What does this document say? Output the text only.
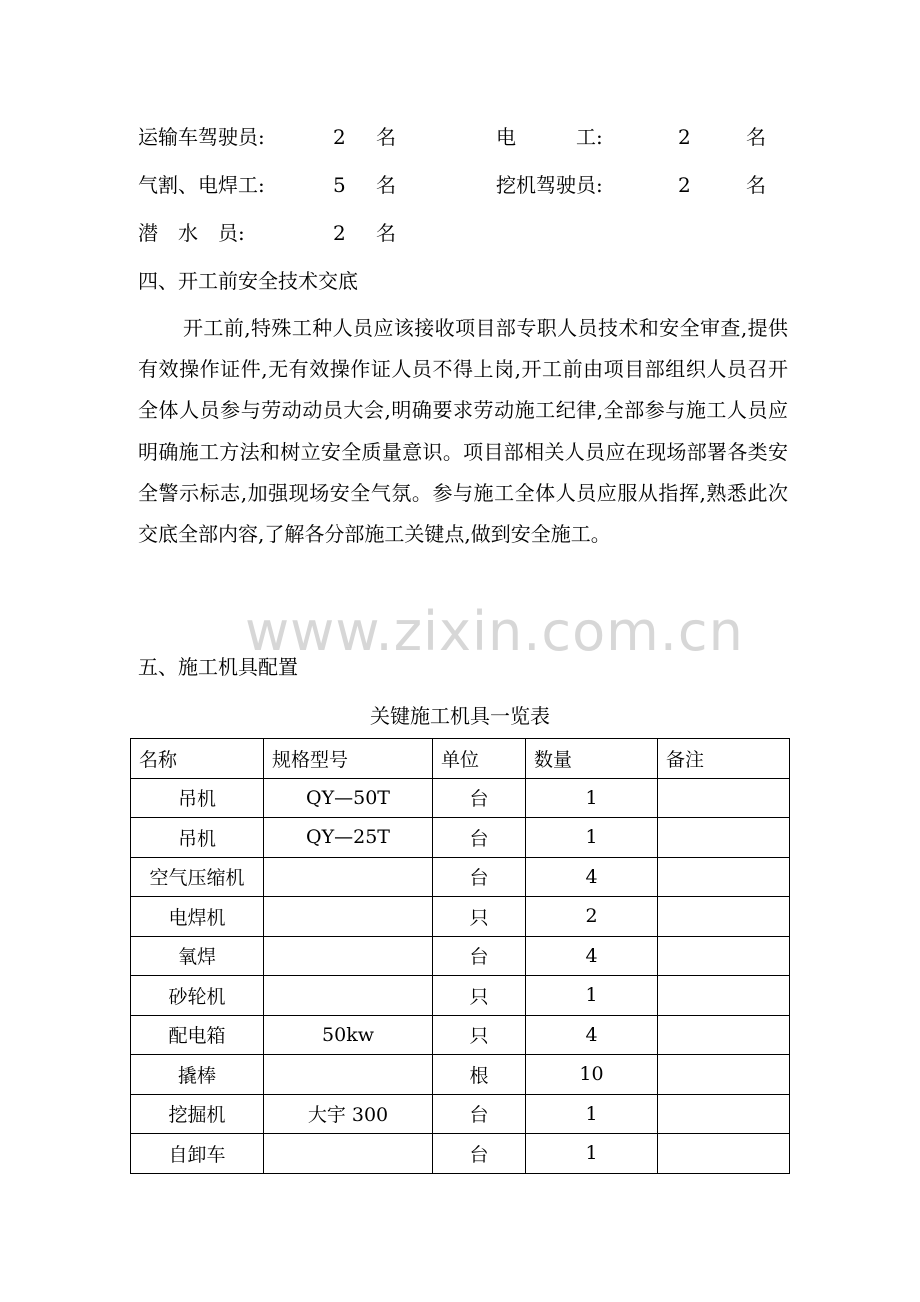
运输车驾驶员:	2 名	电　　　工:	2	名
气割、电焊工:	5 名	挖机驾驶员:	2	名
潜　水　员:	2 名
四、开工前安全技术交底

开工前,特殊工种人员应该接收项目部专职人员技术和安全审查,提供有效操作证件,无有效操作证人员不得上岗,开工前由项目部组织人员召开全体人员参与劳动动员大会,明确要求劳动施工纪律,全部参与施工人员应明确施工方法和树立安全质量意识。项目部相关人员应在现场部署各类安全警示标志,加强现场安全气氛。参与施工全体人员应服从指挥,熟悉此次交底全部内容,了解各分部施工关键点,做到安全施工。

五、施工机具配置
关键施工机具一览表
名称	规格型号	单位	数量	备注
吊机	QY—50T	台	1	
吊机	QY—25T	台	1	
空气压缩机		台	4	
电焊机		只	2	
氧焊		台	4	
砂轮机		只	1	
配电箱	50kw	只	4	
撬棒		根	10	
挖掘机	大宇 300	台	1	
自卸车		台	1	
www.zixin.com.cn
